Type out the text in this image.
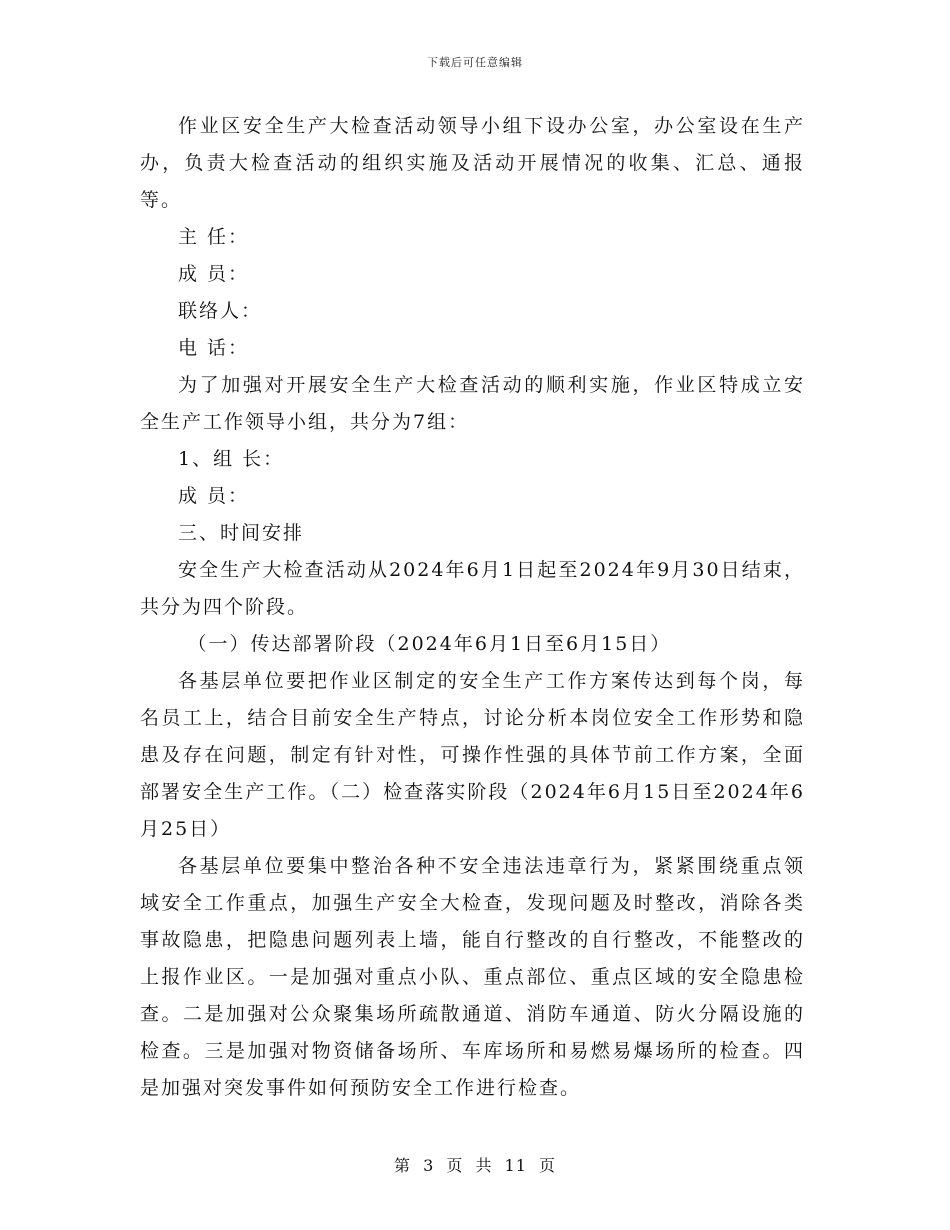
下载后可任意编辑

作业区安全生产大检查活动领导小组下设办公室，办公室设在生产办，负责大检查活动的组织实施及活动开展情况的收集、汇总、通报等。

主 任：

成 员：

联络人：

电 话：

为了加强对开展安全生产大检查活动的顺利实施，作业区特成立安全生产工作领导小组，共分为7组：

1、组 长：

成 员：

三、时间安排

安全生产大检查活动从2024年6月1日起至2024年9月30日结束，共分为四个阶段。

（一）传达部署阶段（2024年6月1日至6月15日）

各基层单位要把作业区制定的安全生产工作方案传达到每个岗，每名员工上，结合目前安全生产特点，讨论分析本岗位安全工作形势和隐患及存在问题，制定有针对性，可操作性强的具体节前工作方案，全面部署安全生产工作。（二）检查落实阶段（2024年6月15日至2024年6月25日）

各基层单位要集中整治各种不安全违法违章行为，紧紧围绕重点领域安全工作重点，加强生产安全大检查，发现问题及时整改，消除各类事故隐患，把隐患问题列表上墙，能自行整改的自行整改，不能整改的上报作业区。一是加强对重点小队、重点部位、重点区域的安全隐患检查。二是加强对公众聚集场所疏散通道、消防车通道、防火分隔设施的检查。三是加强对物资储备场所、车库场所和易燃易爆场所的检查。四是加强对突发事件如何预防安全工作进行检查。

第 3 页 共 11 页
